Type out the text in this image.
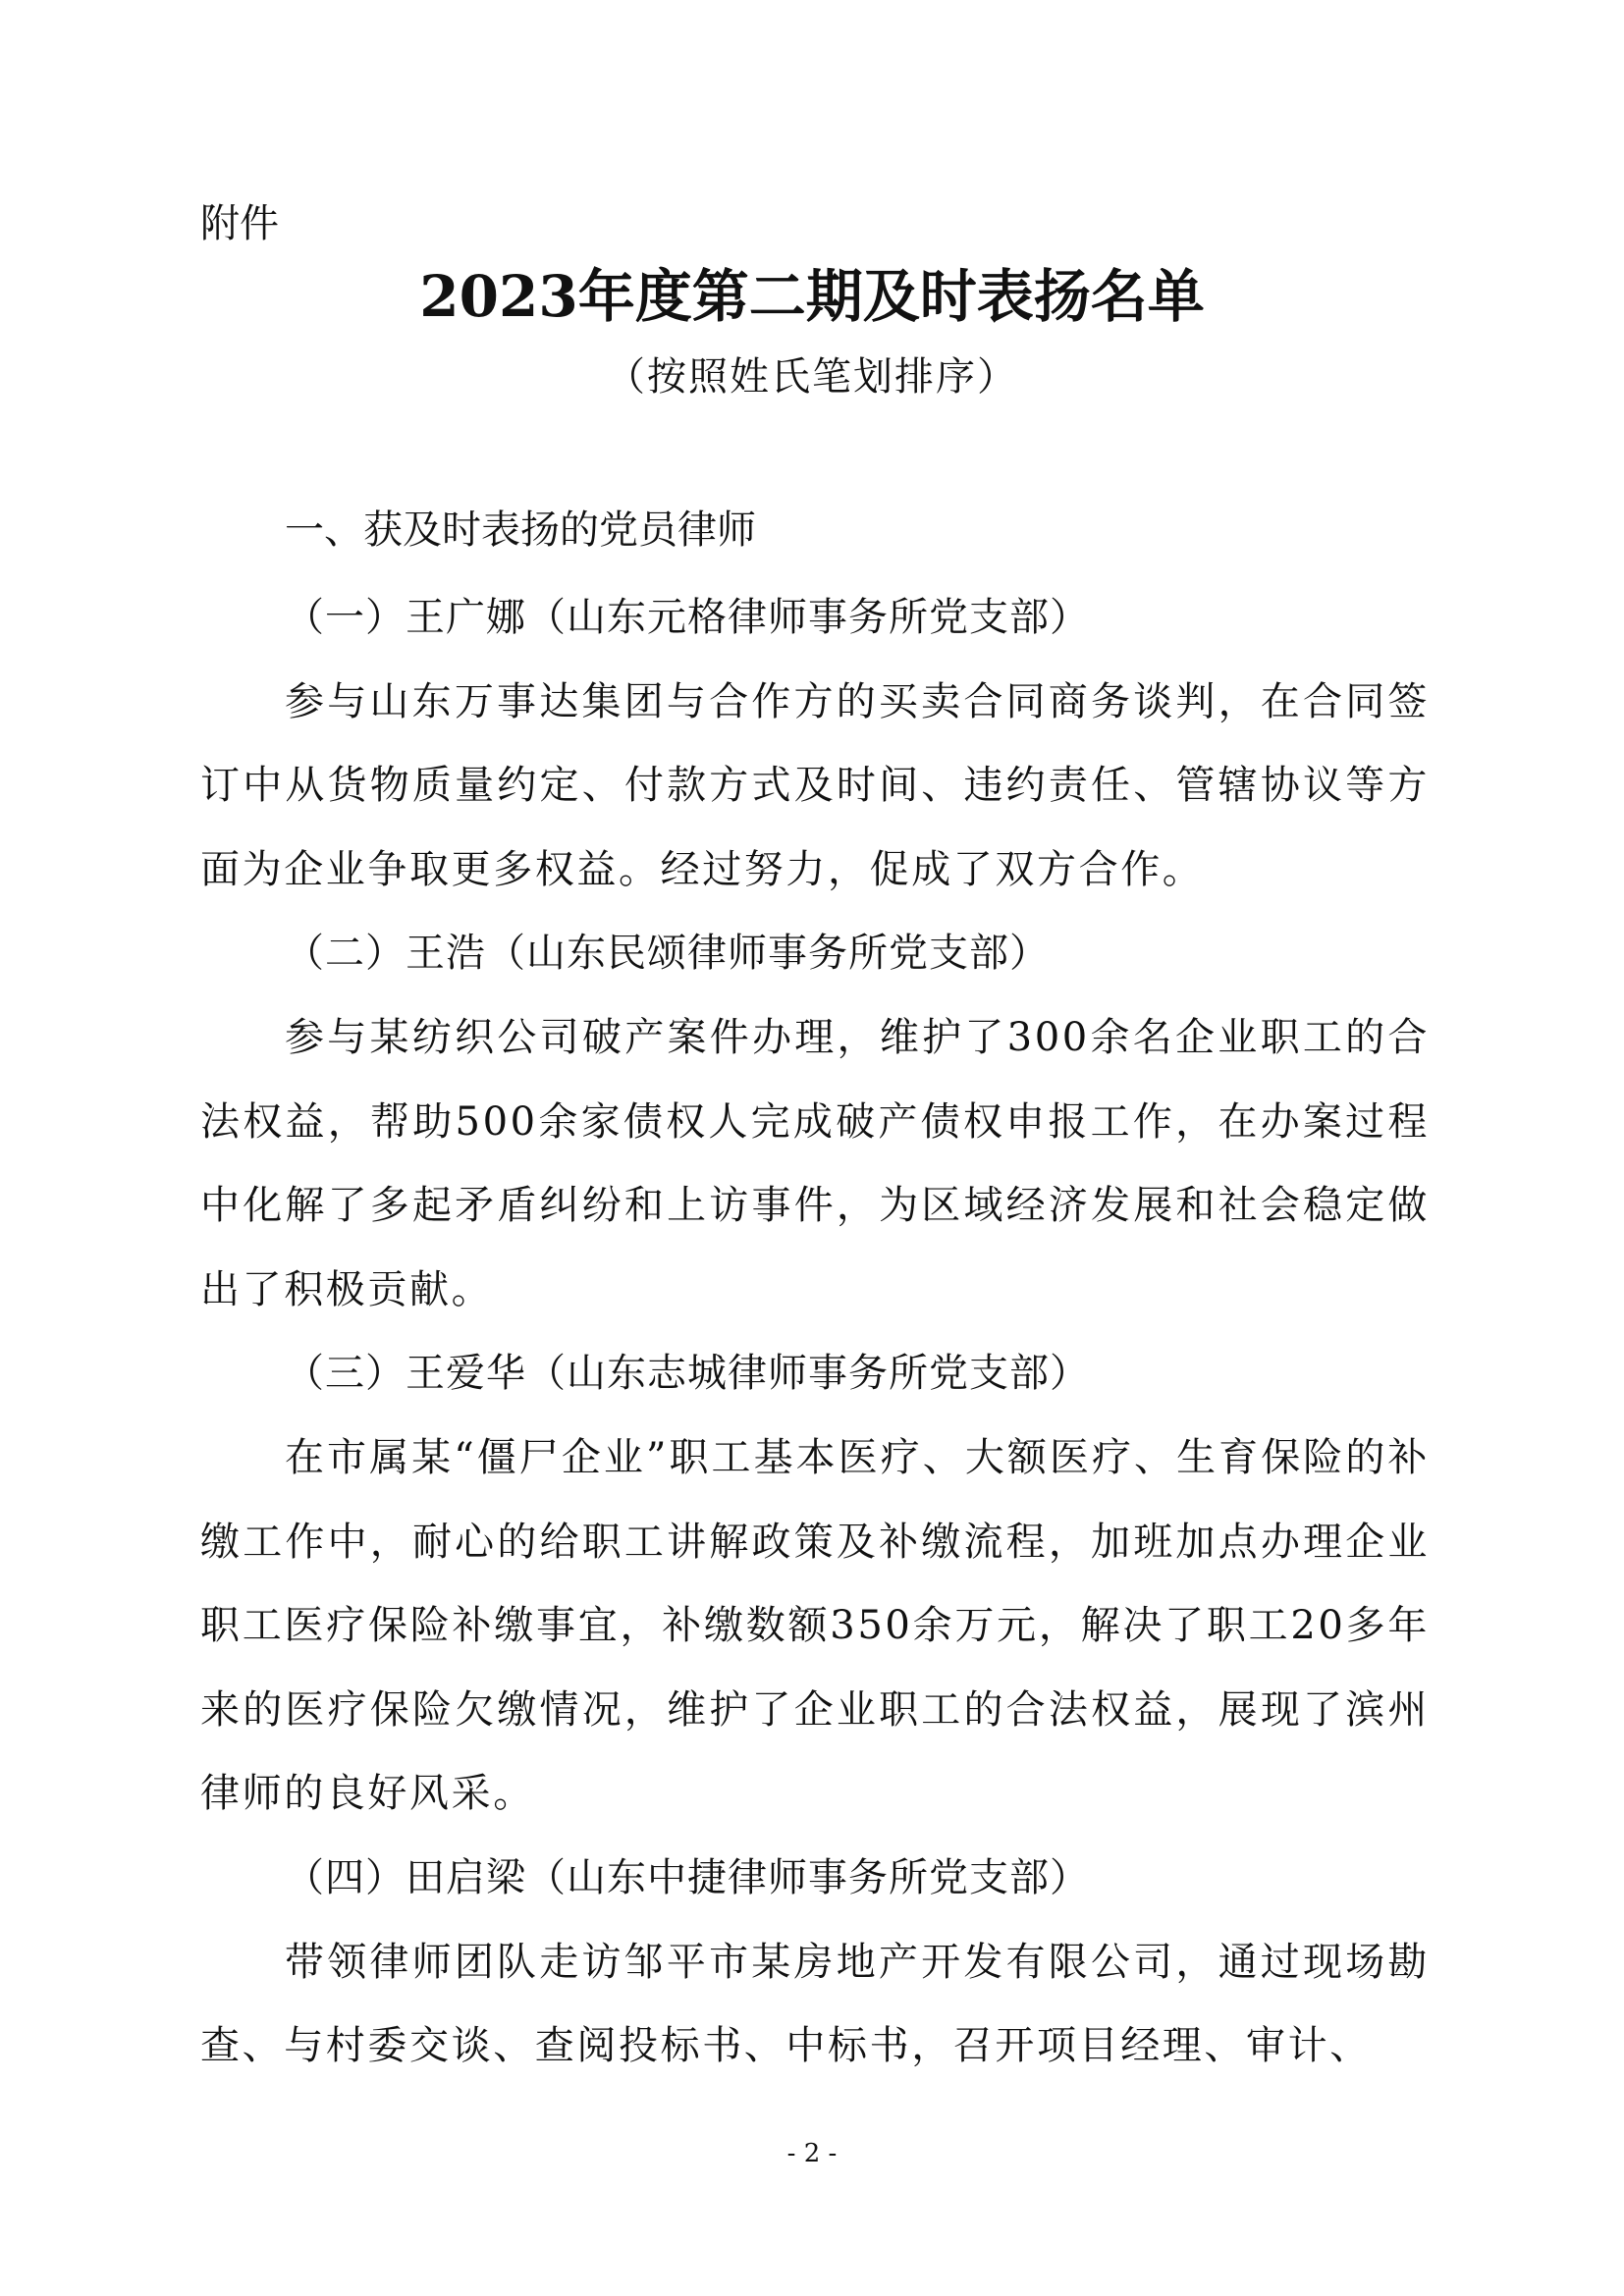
附件
2023年度第二期及时表扬名单
（按照姓氏笔划排序）
一、获及时表扬的党员律师

（一）王广娜（山东元格律师事务所党支部）

参与山东万事达集团与合作方的买卖合同商务谈判，在合同签订中从货物质量约定、付款方式及时间、违约责任、管辖协议等方面为企业争取更多权益。经过努力，促成了双方合作。

（二）王浩（山东民颂律师事务所党支部）

参与某纺织公司破产案件办理，维护了300余名企业职工的合法权益，帮助500余家债权人完成破产债权申报工作，在办案过程中化解了多起矛盾纠纷和上访事件，为区域经济发展和社会稳定做出了积极贡献。

（三）王爱华（山东志城律师事务所党支部）

在市属某“僵尸企业”职工基本医疗、大额医疗、生育保险的补缴工作中，耐心的给职工讲解政策及补缴流程，加班加点办理企业职工医疗保险补缴事宜，补缴数额350余万元，解决了职工20多年来的医疗保险欠缴情况，维护了企业职工的合法权益，展现了滨州律师的良好风采。

（四）田启梁（山东中捷律师事务所党支部）

带领律师团队走访邹平市某房地产开发有限公司，通过现场勘查、与村委交谈、查阅投标书、中标书，召开项目经理、审计、

- 2 -
